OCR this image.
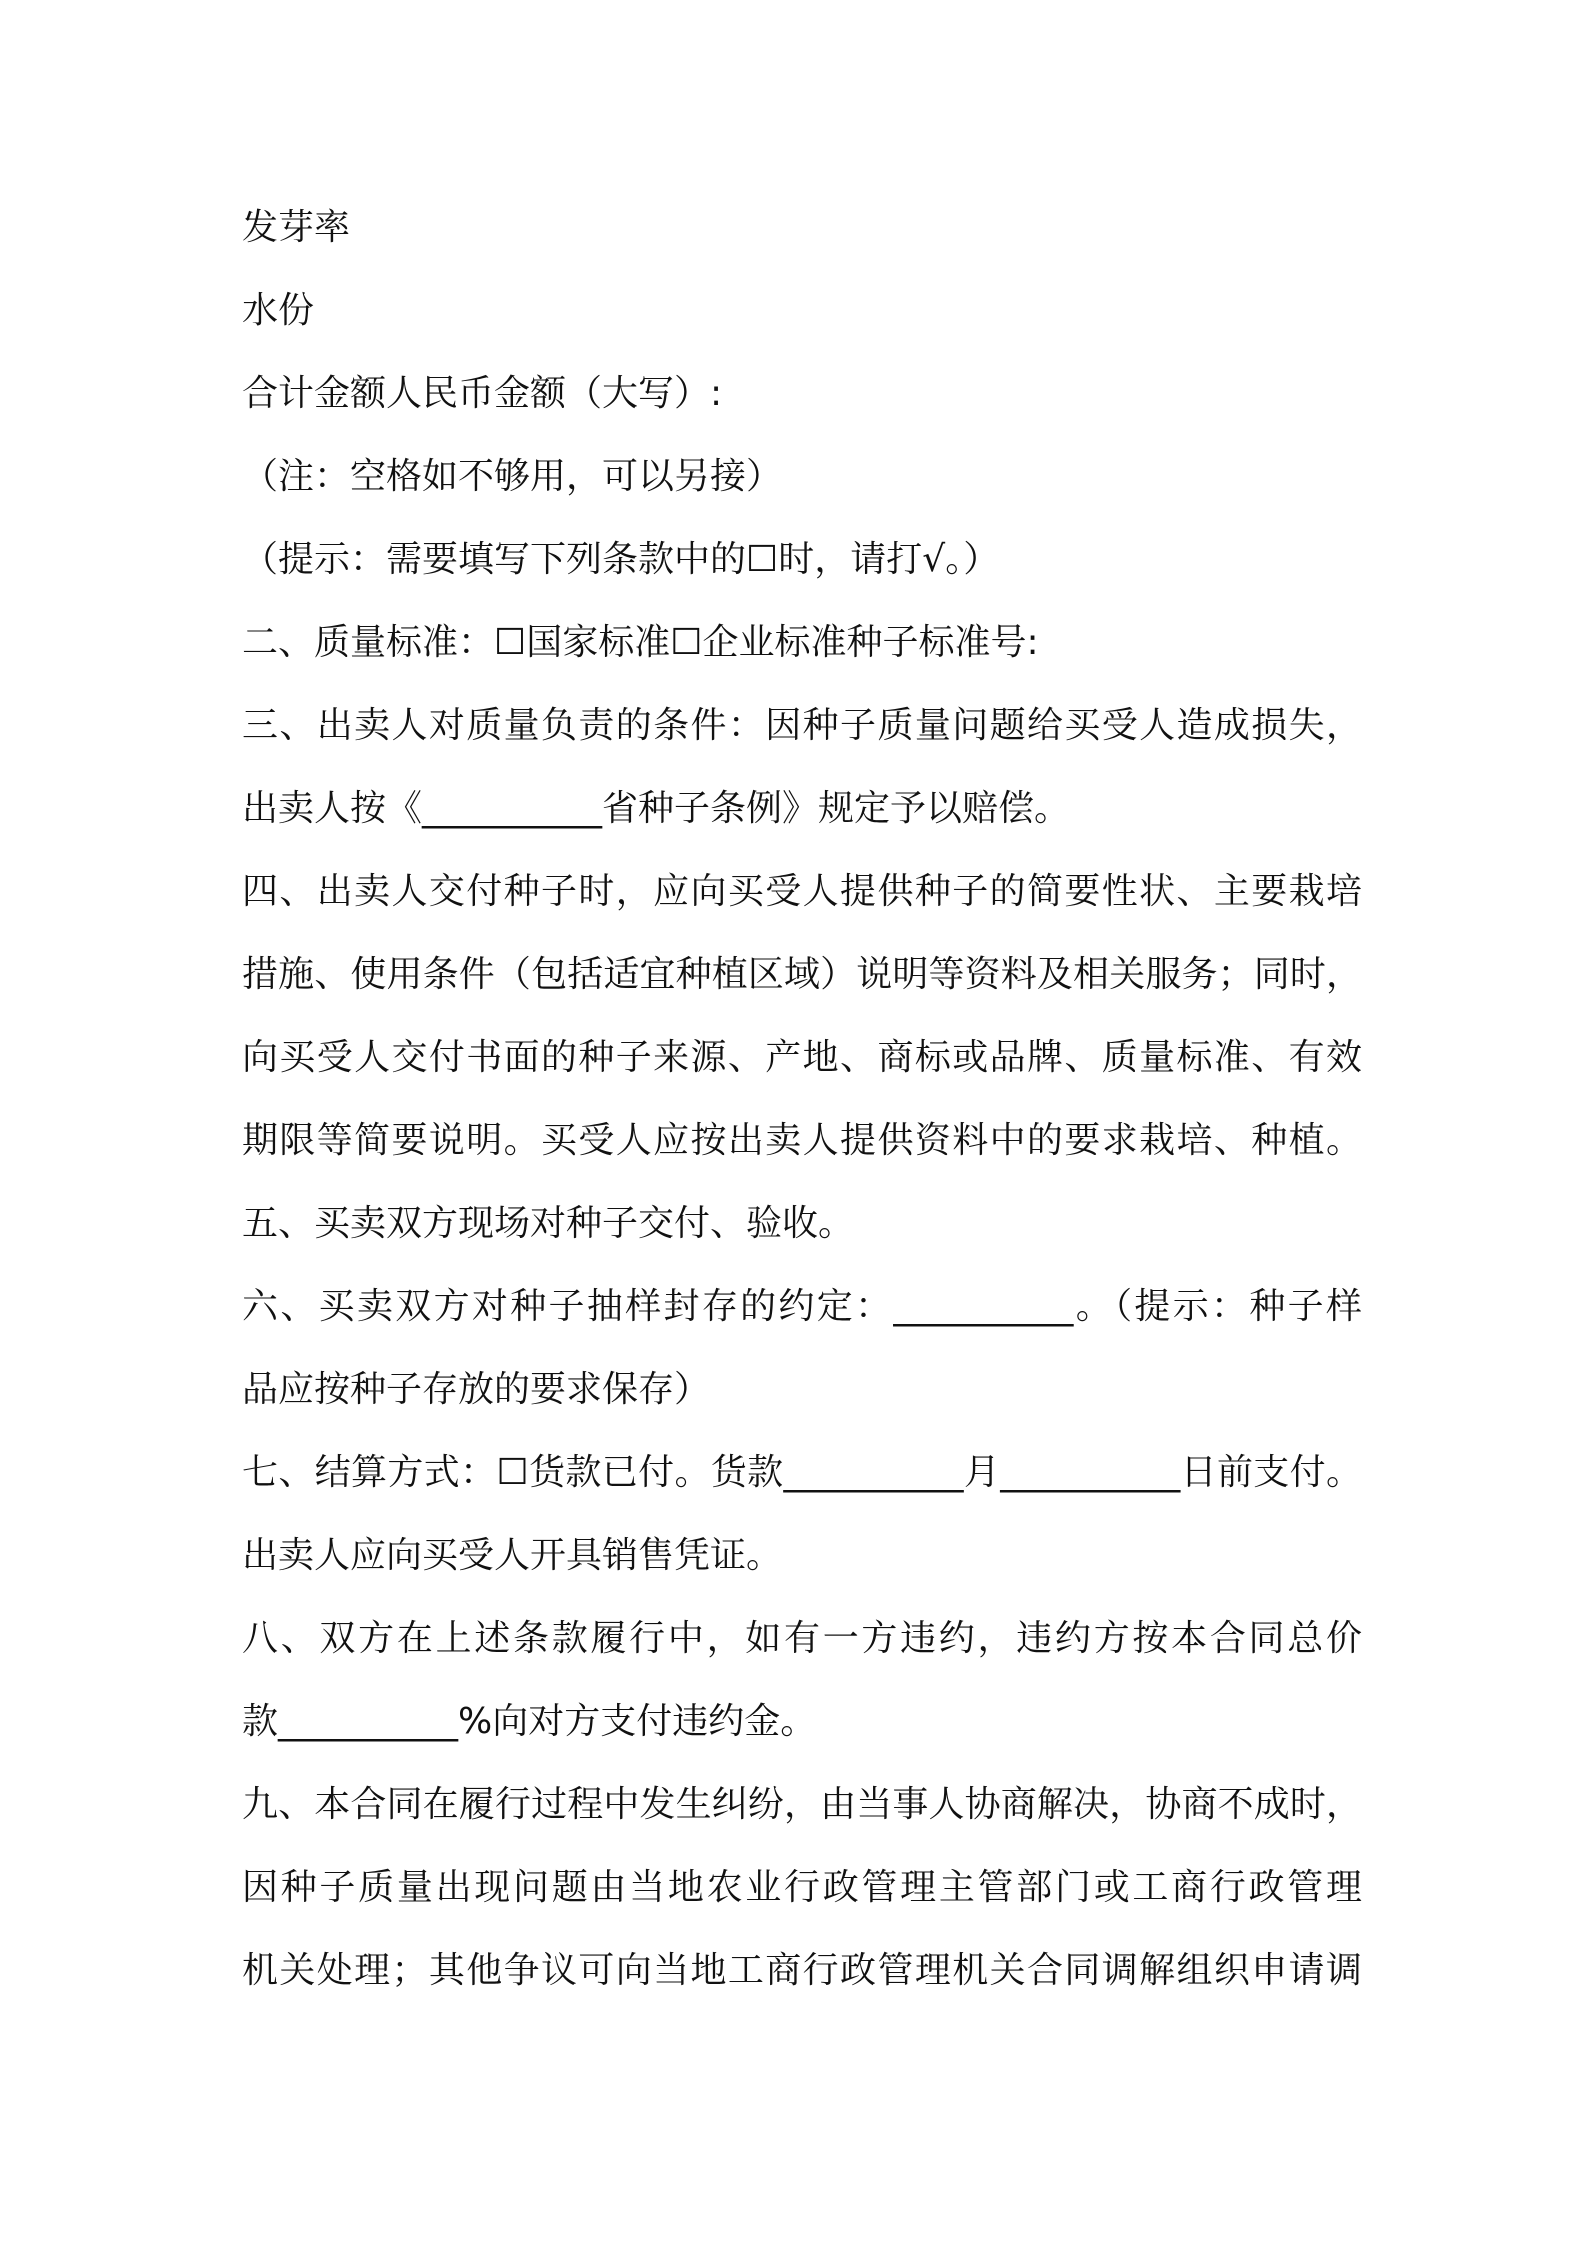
发芽率

水份

合计金额人民币金额（大写）:

（注：空格如不够用，可以另接）

（提示：需要填写下列条款中的☐时，请打√。）

二、质量标准：☐国家标准☐企业标准种子标准号:

三、出卖人对质量负责的条件：因种子质量问题给买受人造成损失，

出卖人按《__________省种子条例》规定予以赔偿。

四、出卖人交付种子时，应向买受人提供种子的简要性状、主要栽培

措施、使用条件（包括适宜种植区域）说明等资料及相关服务；同时，

向买受人交付书面的种子来源、产地、商标或品牌、质量标准、有效

期限等简要说明。买受人应按出卖人提供资料中的要求栽培、种植。

五、买卖双方现场对种子交付、验收。

六、买卖双方对种子抽样封存的约定：__________。（提示：种子样

品应按种子存放的要求保存）

七、结算方式：☐货款已付。货款__________月__________日前支付。

出卖人应向买受人开具销售凭证。

八、双方在上述条款履行中，如有一方违约，违约方按本合同总价

款__________%向对方支付违约金。

九、本合同在履行过程中发生纠纷，由当事人协商解决，协商不成时，

因种子质量出现问题由当地农业行政管理主管部门或工商行政管理

机关处理；其他争议可向当地工商行政管理机关合同调解组织申请调
